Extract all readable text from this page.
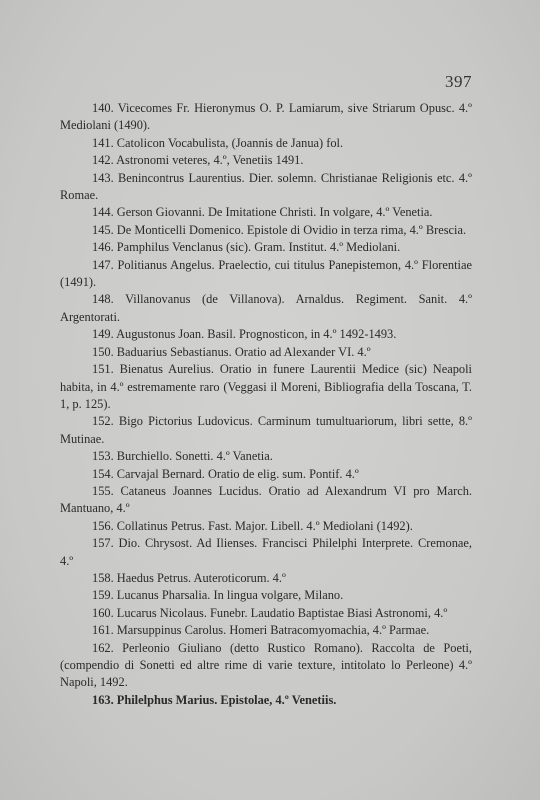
397

140. Vicecomes Fr. Hieronymus O. P. Lamiarum, sive Striarum Opusc. 4.º Mediolani (1490).

141. Catolicon Vocabulista, (Joannis de Janua) fol.

142. Astronomi veteres, 4.º, Venetiis 1491.

143. Benincontrus Laurentius. Dier. solemn. Christianae Religionis etc. 4.º Romae.

144. Gerson Giovanni. De Imitatione Christi. In volgare, 4.º Venetia.

145. De Monticelli Domenico. Epistole di Ovidio in terza rima, 4.º Brescia.

146. Pamphilus Venclanus (sic). Gram. Institut. 4.º Mediolani.

147. Politianus Angelus. Praelectio, cui titulus Panepistemon, 4.º Florentiae (1491).

148. Villanovanus (de Villanova). Arnaldus. Regiment. Sanit. 4.º Argentorati.

149. Augustonus Joan. Basil. Prognosticon, in 4.º 1492-1493.

150. Baduarius Sebastianus. Oratio ad Alexander VI. 4.º

151. Bienatus Aurelius. Oratio in funere Laurentii Medice (sic) Neapoli habita, in 4.º estremamente raro (Veggasi il Moreni, Bibliografia della Toscana, T. 1, p. 125).

152. Bigo Pictorius Ludovicus. Carminum tumultuariorum, libri sette, 8.º Mutinae.

153. Burchiello. Sonetti. 4.º Vanetia.

154. Carvajal Bernard. Oratio de elig. sum. Pontif. 4.º

155. Cataneus Joannes Lucidus. Oratio ad Alexandrum VI pro March. Mantuano, 4.º

156. Collatinus Petrus. Fast. Major. Libell. 4.º Mediolani (1492).

157. Dio. Chrysost. Ad Ilienses. Francisci Philelphi Interprete. Cremonae, 4.º

158. Haedus Petrus. Auteroticorum. 4.º

159. Lucanus Pharsalia. In lingua volgare, Milano.

160. Lucarus Nicolaus. Funebr. Laudatio Baptistae Biasi Astronomi, 4.º

161. Marsuppinus Carolus. Homeri Batracomyomachia, 4.º Parmae.

162. Perleonio Giuliano (detto Rustico Romano). Raccolta de Poeti, (compendio di Sonetti ed altre rime di varie texture, intitolato lo Perleone) 4.º Napoli, 1492.

163. Philelphus Marius. Epistolae, 4.º Venetiis.
